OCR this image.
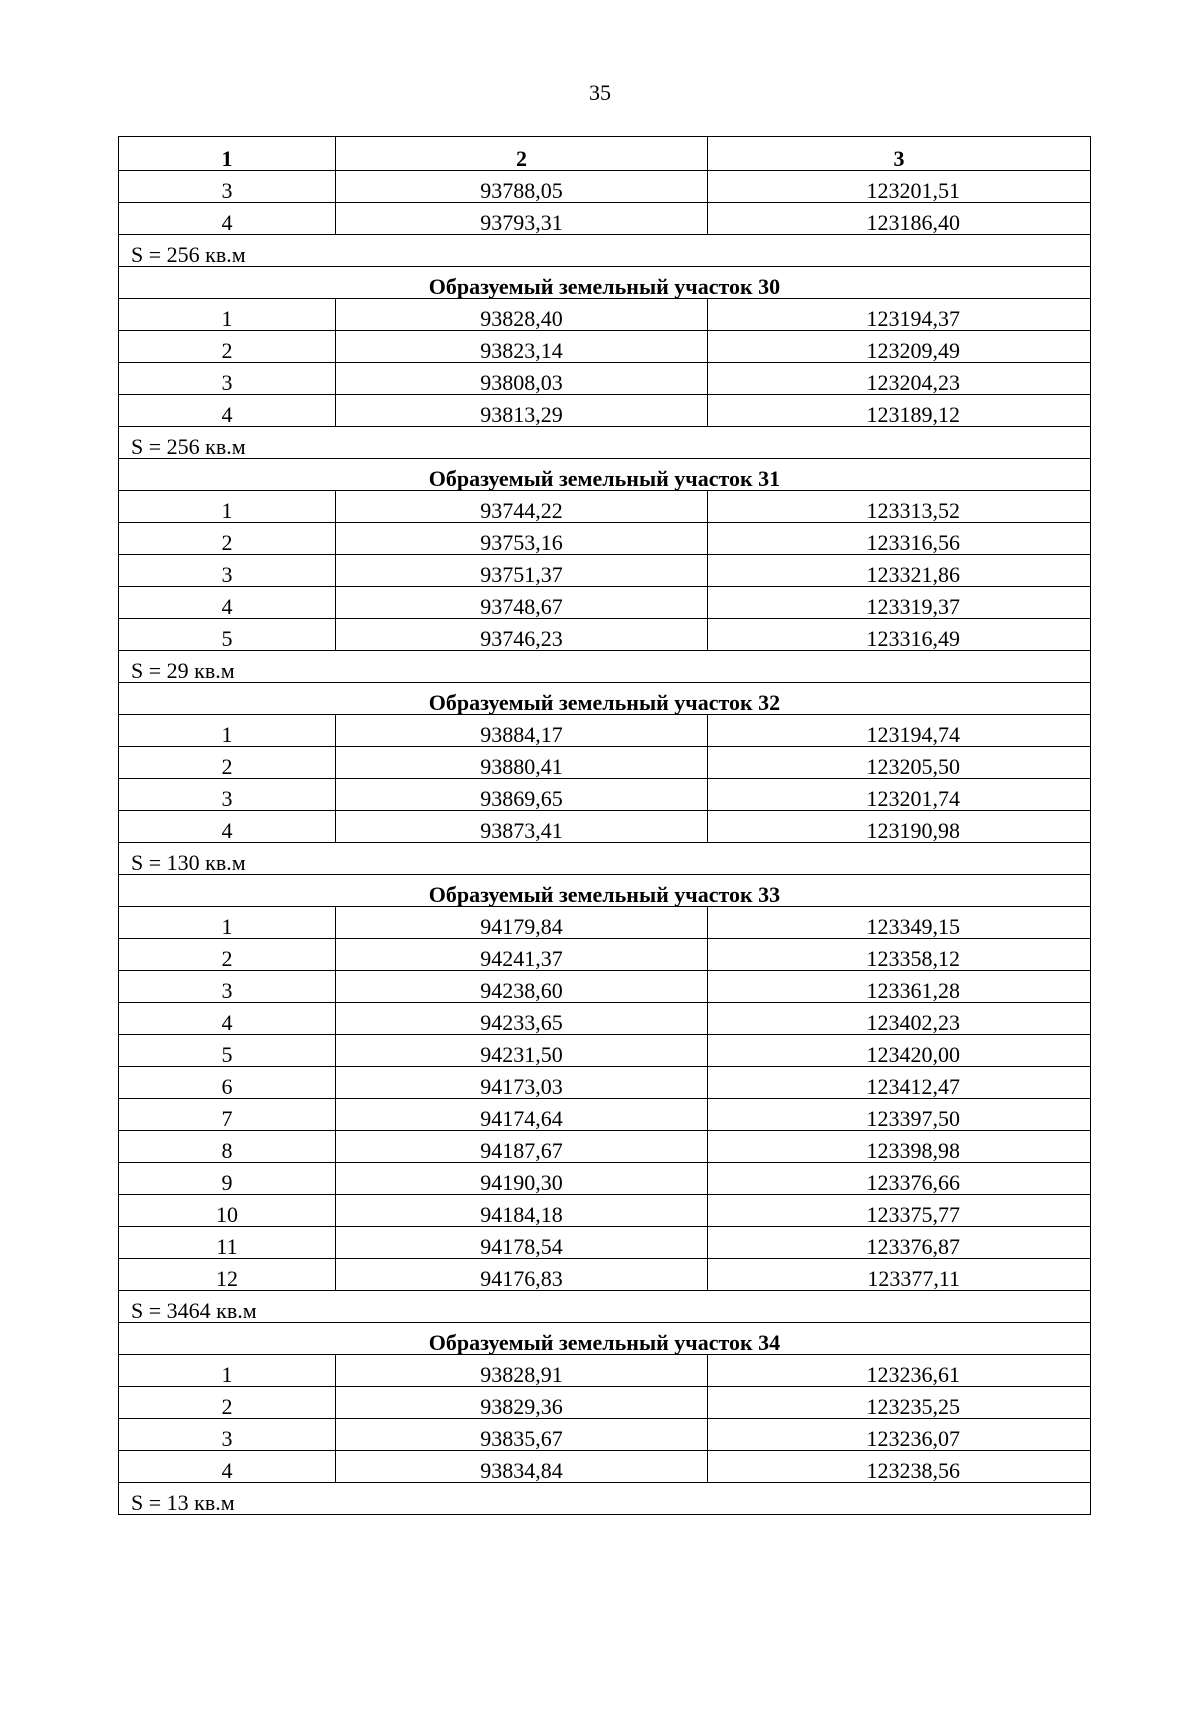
35
1	2	3
3	93788,05	123201,51
4	93793,31	123186,40
S = 256 кв.м		
Образуемый земельный участок 30		
1	93828,40	123194,37
2	93823,14	123209,49
3	93808,03	123204,23
4	93813,29	123189,12
S = 256 кв.м		
Образуемый земельный участок 31		
1	93744,22	123313,52
2	93753,16	123316,56
3	93751,37	123321,86
4	93748,67	123319,37
5	93746,23	123316,49
S = 29 кв.м		
Образуемый земельный участок 32		
1	93884,17	123194,74
2	93880,41	123205,50
3	93869,65	123201,74
4	93873,41	123190,98
S = 130 кв.м		
Образуемый земельный участок 33		
1	94179,84	123349,15
2	94241,37	123358,12
3	94238,60	123361,28
4	94233,65	123402,23
5	94231,50	123420,00
6	94173,03	123412,47
7	94174,64	123397,50
8	94187,67	123398,98
9	94190,30	123376,66
10	94184,18	123375,77
11	94178,54	123376,87
12	94176,83	123377,11
S = 3464 кв.м		
Образуемый земельный участок 34		
1	93828,91	123236,61
2	93829,36	123235,25
3	93835,67	123236,07
4	93834,84	123238,56
S = 13 кв.м		
